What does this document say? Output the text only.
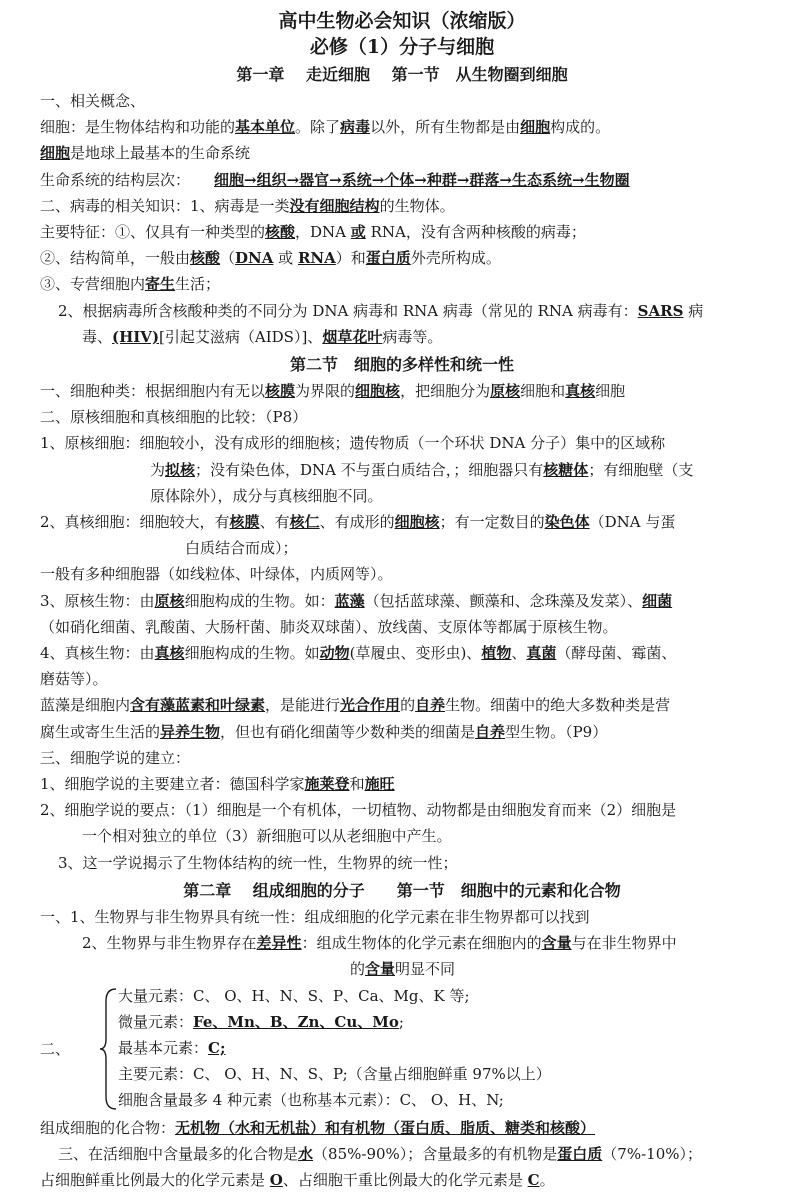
高中生物必会知识（浓缩版）
必修（1）分子与细胞
第一章　 走近细胞　 第一节　从生物圈到细胞
一、相关概念、
细胞：是生物体结构和功能的基本单位。除了病毒以外，所有生物都是由细胞构成的。
细胞是地球上最基本的生命系统
生命系统的结构层次： 细胞→组织→器官→系统→个体→种群→群落→生态系统→生物圈
二、病毒的相关知识：1、病毒是一类没有细胞结构的生物体。
主要特征：①、仅具有一种类型的核酸，DNA 或 RNA，没有含两种核酸的病毒；
②、结构简单，一般由核酸（DNA 或 RNA）和蛋白质外壳所构成。
③、专营细胞内寄生生活；
2、根据病毒所含核酸种类的不同分为 DNA 病毒和 RNA 病毒（常见的 RNA 病毒有：SARS 病
毒、(HIV)[引起艾滋病（AIDS）]、烟草花叶病毒等。
第二节　细胞的多样性和统一性
一、细胞种类：根据细胞内有无以核膜为界限的细胞核，把细胞分为原核细胞和真核细胞
二、原核细胞和真核细胞的比较：（P8）
1、原核细胞：细胞较小，没有成形的细胞核；遗传物质（一个环状 DNA 分子）集中的区域称
为拟核；没有染色体，DNA 不与蛋白质结合，；细胞器只有核糖体；有细胞壁（支
原体除外），成分与真核细胞不同。
2、真核细胞：细胞较大，有核膜、有核仁、有成形的细胞核；有一定数目的染色体（DNA 与蛋
白质结合而成）；
一般有多种细胞器（如线粒体、叶绿体，内质网等）。
3、原核生物：由原核细胞构成的生物。如：蓝藻（包括蓝球藻、颤藻和、念珠藻及发菜）、细菌
（如硝化细菌、乳酸菌、大肠杆菌、肺炎双球菌）、放线菌、支原体等都属于原核生物。
4、真核生物：由真核细胞构成的生物。如动物(草履虫、变形虫)、植物、真菌（酵母菌、霉菌、
磨菇等）。
蓝藻是细胞内含有藻蓝素和叶绿素，是能进行光合作用的自养生物。细菌中的绝大多数种类是营
腐生或寄生生活的异养生物，但也有硝化细菌等少数种类的细菌是自养型生物。（P9）
三、细胞学说的建立：
1、细胞学说的主要建立者：德国科学家施莱登和施旺
2、细胞学说的要点：（1）细胞是一个有机体，一切植物、动物都是由细胞发育而来（2）细胞是
一个相对独立的单位（3）新细胞可以从老细胞中产生。
3、这一学说揭示了生物体结构的统一性，生物界的统一性；
第二章　 组成细胞的分子　　第一节　细胞中的元素和化合物
一、1、生物界与非生物界具有统一性：组成细胞的化学元素在非生物界都可以找到
2、生物界与非生物界存在差异性：组成生物体的化学元素在细胞内的含量与在非生物界中
的含量明显不同
二、
大量元素：C、 O、H、N、S、P、Ca、Mg、K 等;
微量元素：Fe、Mn、B、Zn、Cu、Mo;
最基本元素：C;
主要元素：C、 O、H、N、S、P;（含量占细胞鲜重 97%以上）
细胞含量最多 4 种元素（也称基本元素）：C、 O、H、N;
组成细胞的化合物：无机物（水和无机盐）和有机物（蛋白质、脂质、糖类和核酸）
三、在活细胞中含量最多的化合物是水（85%-90%）；含量最多的有机物是蛋白质（7%-10%）；
占细胞鲜重比例最大的化学元素是 O、占细胞干重比例最大的化学元素是 C。
